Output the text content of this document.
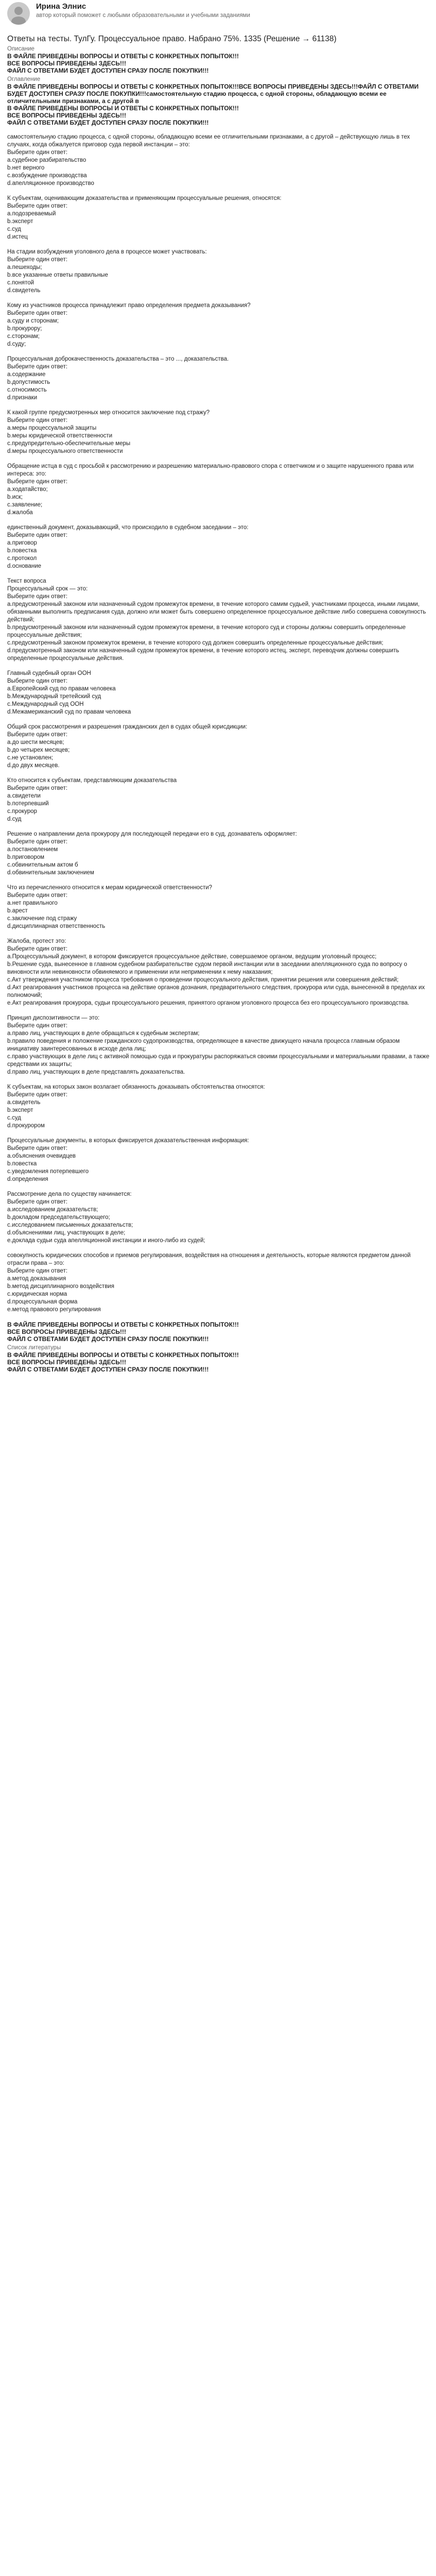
Ирина Элнис
автор который поможет с любыми образовательными и учебными заданиями
Ответы на тесты. ТулГу. Процессуальное право. Набрано 75%. 1335 (Решение → 61138)
Описание
В ФАЙЛЕ ПРИВЕДЕНЫ ВОПРОСЫ И ОТВЕТЫ С КОНКРЕТНЫХ ПОПЫТОК!!!
ВСЕ ВОПРОСЫ ПРИВЕДЕНЫ ЗДЕСЬ!!!
ФАЙЛ С ОТВЕТАМИ БУДЕТ ДОСТУПЕН СРАЗУ ПОСЛЕ ПОКУПКИ!!!
Оглавление
В ФАЙЛЕ ПРИВЕДЕНЫ ВОПРОСЫ И ОТВЕТЫ С КОНКРЕТНЫХ ПОПЫТОК!!!ВСЕ ВОПРОСЫ ПРИВЕДЕНЫ ЗДЕСЬ!!!ФАЙЛ С ОТВЕТАМИ БУДЕТ ДОСТУПЕН СРАЗУ ПОСЛЕ ПОКУПКИ!!!самостоятельную стадию процесса, с одной стороны, обладающую всеми ее отличительными признаками, а с другой в
В ФАЙЛЕ ПРИВЕДЕНЫ ВОПРОСЫ И ОТВЕТЫ С КОНКРЕТНЫХ ПОПЫТОК!!!
ВСЕ ВОПРОСЫ ПРИВЕДЕНЫ ЗДЕСЬ!!!
ФАЙЛ С ОТВЕТАМИ БУДЕТ ДОСТУПЕН СРАЗУ ПОСЛЕ ПОКУПКИ!!!
самостоятельную стадию процесса, с одной стороны, обладающую всеми ее отличительными признаками, а с другой – действующую лишь в тех случаях, когда обжалуется приговор суда первой инстанции – это:
Выберите один ответ:
a.судебное разбирательство
b.нет верного
c.возбуждение производства
d.апелляционное производство
К субъектам, оценивающим доказательства и применяющим процессуальные решения, относятся:
Выберите один ответ:
a.подозреваемый
b.эксперт
c.суд
d.истец
На стадии возбуждения уголовного дела в процессе может участвовать:
Выберите один ответ:
a.пешеходы;
b.все указанные ответы правильные
c.понятой
d.свидетель
Кому из участников процесса принадлежит право определения предмета доказывания?
Выберите один ответ:
a.суду и сторонам;
b.прокурору;
c.сторонам;
d.суду;
Процессуальная доброкачественность доказательства – это ..., доказательства.
Выберите один ответ:
a.содержание
b.допустимость
c.относимость
d.признаки
К какой группе предусмотренных мер относится заключение под стражу?
Выберите один ответ:
a.меры процессуальной защиты
b.меры юридической ответственности
c.предупредительно-обеспечительные меры
d.меры процессуального ответственности
Обращение истца в суд с просьбой к рассмотрению и разрешению материально-правового спора с ответчиком и о защите нарушенного права или интереса: это:
Выберите один ответ:
a.ходатайство;
b.иск;
c.заявление;
d.жалоба
единственный документ, доказывающий, что происходило в судебном заседании – это:
Выберите один ответ:
a.приговор
b.повестка
c.протокол
d.основание
Текст вопроса
Процессуальный срок — это:
Выберите один ответ:
a.предусмотренный законом или назначенный судом промежуток времени, в течение которого самим судьей, участниками процесса, иными лицами, обязанными выполнить предписания суда, должно или может быть совершено определенное процессуальное действие либо совершена совокупность действий;
b.предусмотренный законом или назначенный судом промежуток времени, в течение которого суд и стороны должны совершить определенные процессуальные действия;
c.предусмотренный законом промежуток времени, в течение которого суд должен совершить определенные процессуальные действия;
d.предусмотренный законом или назначенный судом промежуток времени, в течение которого истец, эксперт, переводчик должны совершить определенные процессуальные действия.
Главный судебный орган ООН
Выберите один ответ:
a.Европейский суд по правам человека
b.Международный третейский суд
c.Международный суд ООН
d.Межамериканский суд по правам человека
Общий срок рассмотрения и разрешения гражданских дел в судах общей юрисдикции:
Выберите один ответ:
a.до шести месяцев;
b.до четырех месяцев;
c.не установлен;
d.до двух месяцев.
Кто относится к субъектам, представляющим доказательства
Выберите один ответ:
a.свидетели
b.потерпевший
c.прокурор
d.суд
Решение о направлении дела прокурору для последующей передачи его в суд, дознаватель оформляет:
Выберите один ответ:
a.постановлением
b.приговором
c.обвинительным актом б
d.обвинительным заключением
Что из перечисленного относится к мерам юридической ответственности?
Выберите один ответ:
a.нет правильного
b.арест
c.заключение под стражу
d.дисциплинарная ответственность
Жалоба, протест это:
Выберите один ответ:
a.Процессуальный документ, в котором фиксируется процессуальное действие, совершаемое органом, ведущим уголовный процесс;
b.Решение суда, вынесенное в главном судебном разбирательстве судом первой инстанции или в заседании апелляционного суда по вопросу о виновности или невиновности обвиняемого и применении или неприменении к нему наказания;
c.Акт утверждения участником процесса требования о проведении процессуального действия, принятии решения или совершения действий;
d.Акт реагирования участников процесса на действие органов дознания, предварительного следствия, прокурора или суда, вынесенной в пределах их полномочий;
e.Акт реагирования прокурора, судьи процессуального решения, принятого органом уголовного процесса без его процессуального производства.
Принцип диспозитивности — это:
Выберите один ответ:
a.право лиц, участвующих в деле обращаться к судебным экспертам;
b.правило поведения и положение гражданского судопроизводства, определяющее в качестве движущего начала процесса главным образом инициативу заинтересованных в исходе дела лиц;
c.право участвующих в деле лиц с активной помощью суда и прокуратуры распоряжаться своими процессуальными и материальными правами, а также средствами их защиты;
d.право лиц, участвующих в деле представлять доказательства.
К субъектам, на которых закон возлагает обязанность доказывать обстоятельства относятся:
Выберите один ответ:
a.свидетель
b.эксперт
c.суд
d.прокурором
Процессуальные документы, в которых фиксируется доказательственная информация:
Выберите один ответ:
a.объяснения очевидцев
b.повестка
c.уведомления потерпевшего
d.определения
Рассмотрение дела по существу начинается:
Выберите один ответ:
a.исследованием доказательств;
b.докладом председательствующего;
c.исследованием письменных доказательств;
d.объяснениями лиц, участвующих в деле;
e.доклада судьи суда апелляционной инстанции и иного-либо из судей;
совокупность юридических способов и приемов регулирования, воздействия на отношения и деятельность, которые являются предметом данной отрасли права – это:
Выберите один ответ:
a.метод доказывания
b.метод дисциплинарного воздействия
c.юридическая норма
d.процессуальная форма
e.метод правового регулирования
В ФАЙЛЕ ПРИВЕДЕНЫ ВОПРОСЫ И ОТВЕТЫ С КОНКРЕТНЫХ ПОПЫТОК!!!
ВСЕ ВОПРОСЫ ПРИВЕДЕНЫ ЗДЕСЬ!!!
ФАЙЛ С ОТВЕТАМИ БУДЕТ ДОСТУПЕН СРАЗУ ПОСЛЕ ПОКУПКИ!!!
Список литературы
В ФАЙЛЕ ПРИВЕДЕНЫ ВОПРОСЫ И ОТВЕТЫ С КОНКРЕТНЫХ ПОПЫТОК!!!
ВСЕ ВОПРОСЫ ПРИВЕДЕНЫ ЗДЕСЬ!!!
ФАЙЛ С ОТВЕТАМИ БУДЕТ ДОСТУПЕН СРАЗУ ПОСЛЕ ПОКУПКИ!!!
